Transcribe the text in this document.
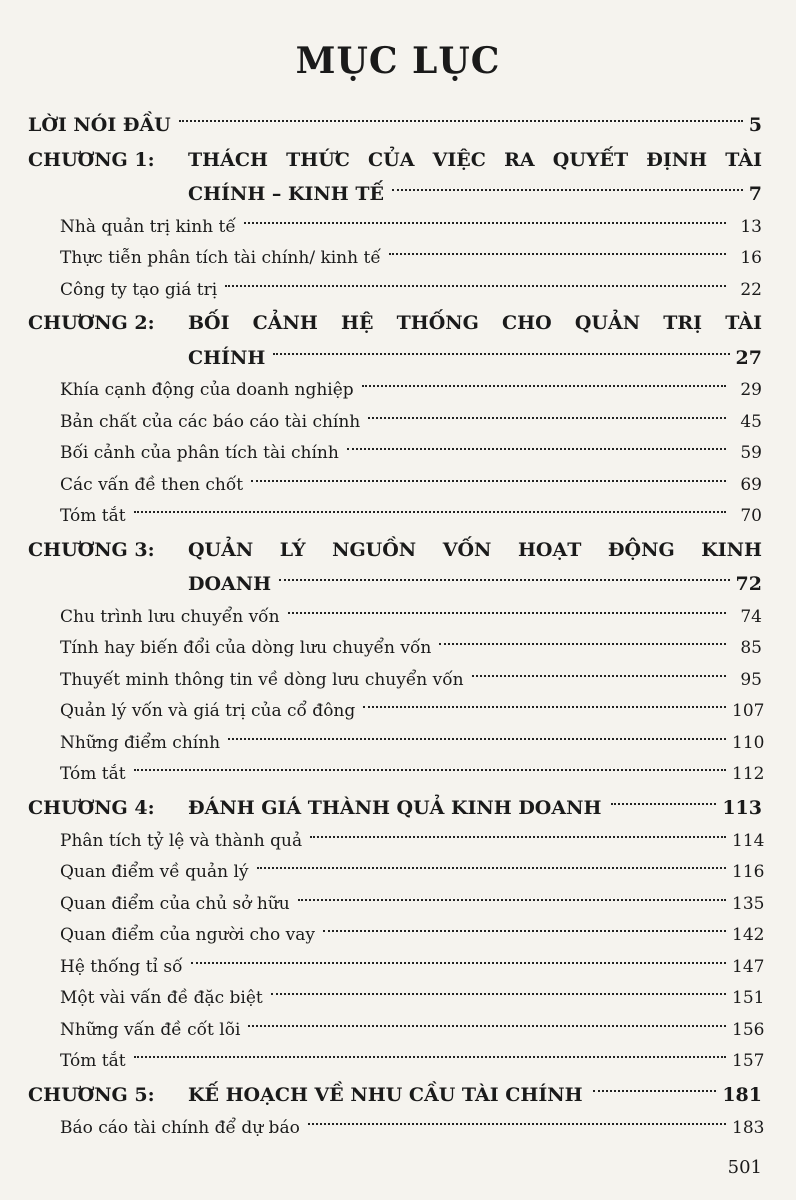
MỤC LỤC
LỜI NÓI ĐẦU	5
CHƯƠNG 1:	THÁCH THỨC CỦA VIỆC RA QUYẾT ĐỊNH TÀI
CHÍNH – KINH TẾ	7
Nhà quản trị kinh tế	13
Thực tiễn phân tích tài chính/ kinh tế	16
Công ty tạo giá trị	22
CHƯƠNG 2:	BỐI CẢNH HỆ THỐNG CHO QUẢN TRỊ TÀI
CHÍNH	27
Khía cạnh động của doanh nghiệp	29
Bản chất của các báo cáo tài chính	45
Bối cảnh của phân tích tài chính	59
Các vấn đề then chốt	69
Tóm tắt	70
CHƯƠNG 3:	QUẢN LÝ NGUỒN VỐN HOẠT ĐỘNG KINH
DOANH	72
Chu trình lưu chuyển vốn	74
Tính hay biến đổi của dòng lưu chuyển vốn	85
Thuyết minh thông tin về dòng lưu chuyển vốn	95
Quản lý vốn và giá trị của cổ đông	107
Những điểm chính	110
Tóm tắt	112
CHƯƠNG 4:	ĐÁNH GIÁ THÀNH QUẢ KINH DOANH	113
Phân tích tỷ lệ và thành quả	114
Quan điểm về quản lý	116
Quan điểm của chủ sở hữu	135
Quan điểm của người cho vay	142
Hệ thống tỉ số	147
Một vài vấn đề đặc biệt	151
Những vấn đề cốt lõi	156
Tóm tắt	157
CHƯƠNG 5:	KẾ HOẠCH VỀ NHU CẦU TÀI CHÍNH	181
Báo cáo tài chính để dự báo	183
501
